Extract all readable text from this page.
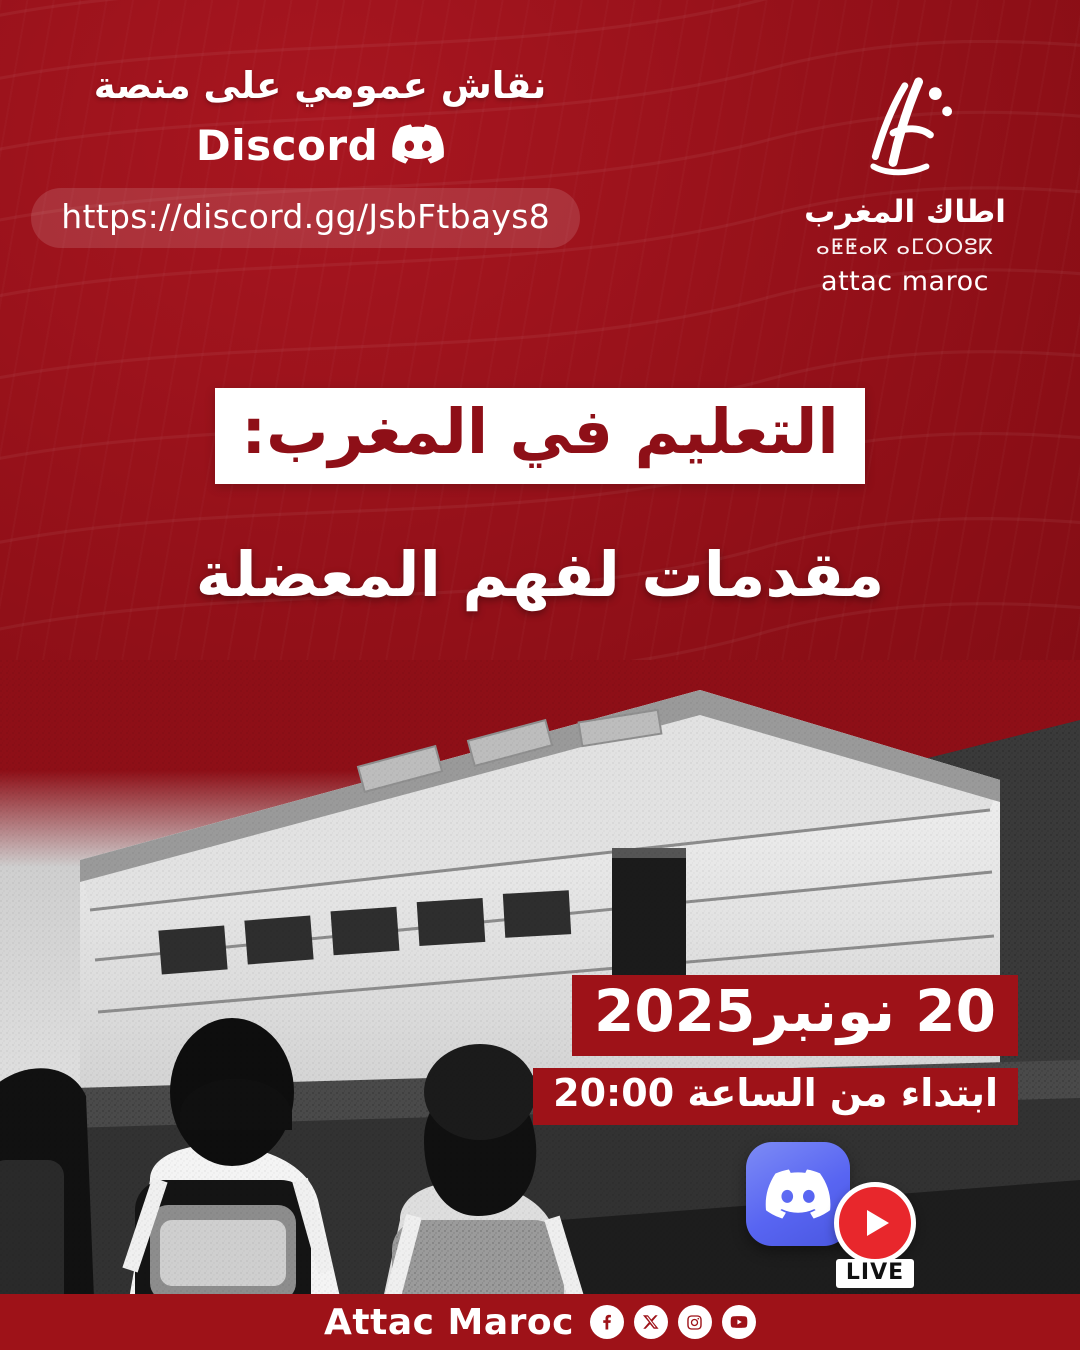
نقاش عمومي على منصة
Discord
https://discord.gg/JsbFtbays8	اطاك المغرب
ⴰⵟⵟⴰⴽ ⴰⵎⵔⵔⵓⴽ
attac maroc
التعليم في المغرب:
مقدمات لفهم المعضلة
20 نونبر2025
ابتداء من الساعة 20:00
LIVE
Attac Maroc
